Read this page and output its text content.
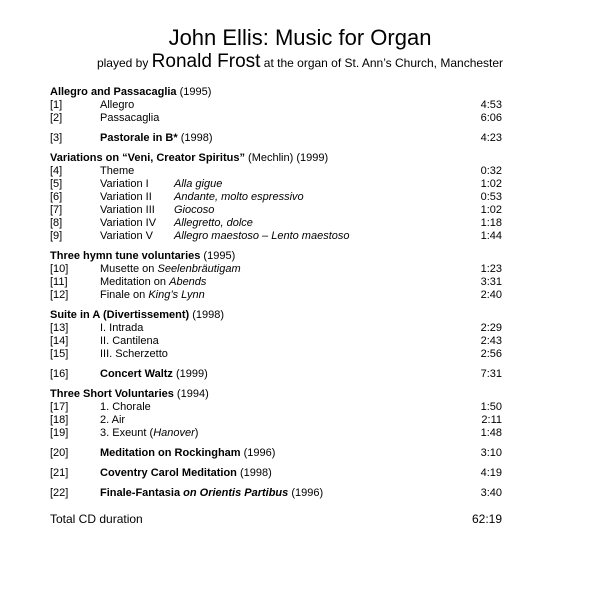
John Ellis: Music for Organ
played by Ronald Frost at the organ of St. Ann’s Church, Manchester
Allegro and Passacaglia (1995)
[1]	Allegro	4:53
[2]	Passacaglia	6:06
[3]	Pastorale in B* (1998)	4:23
Variations on “Veni, Creator Spiritus” (Mechlin) (1999)
[4]	Theme	0:32
[5]	Variation I Alla gigue	1:02
[6]	Variation II Andante, molto espressivo	0:53
[7]	Variation III Giocoso	1:02
[8]	Variation IV Allegretto, dolce	1:18
[9]	Variation V Allegro maestoso – Lento maestoso	1:44
Three hymn tune voluntaries (1995)
[10]	Musette on Seelenbräutigam	1:23
[11]	Meditation on Abends	3:31
[12]	Finale on King’s Lynn	2:40
Suite in A (Divertissement) (1998)
[13]	I. Intrada	2:29
[14]	II. Cantilena	2:43
[15]	III. Scherzetto	2:56
[16]	Concert Waltz (1999)	7:31
Three Short Voluntaries (1994)
[17]	1. Chorale	1:50
[18]	2. Air	2:11
[19]	3. Exeunt (Hanover)	1:48
[20]	Meditation on Rockingham (1996)	3:10
[21]	Coventry Carol Meditation (1998)	4:19
[22]	Finale-Fantasia on Orientis Partibus (1996)	3:40
Total CD duration	62:19
